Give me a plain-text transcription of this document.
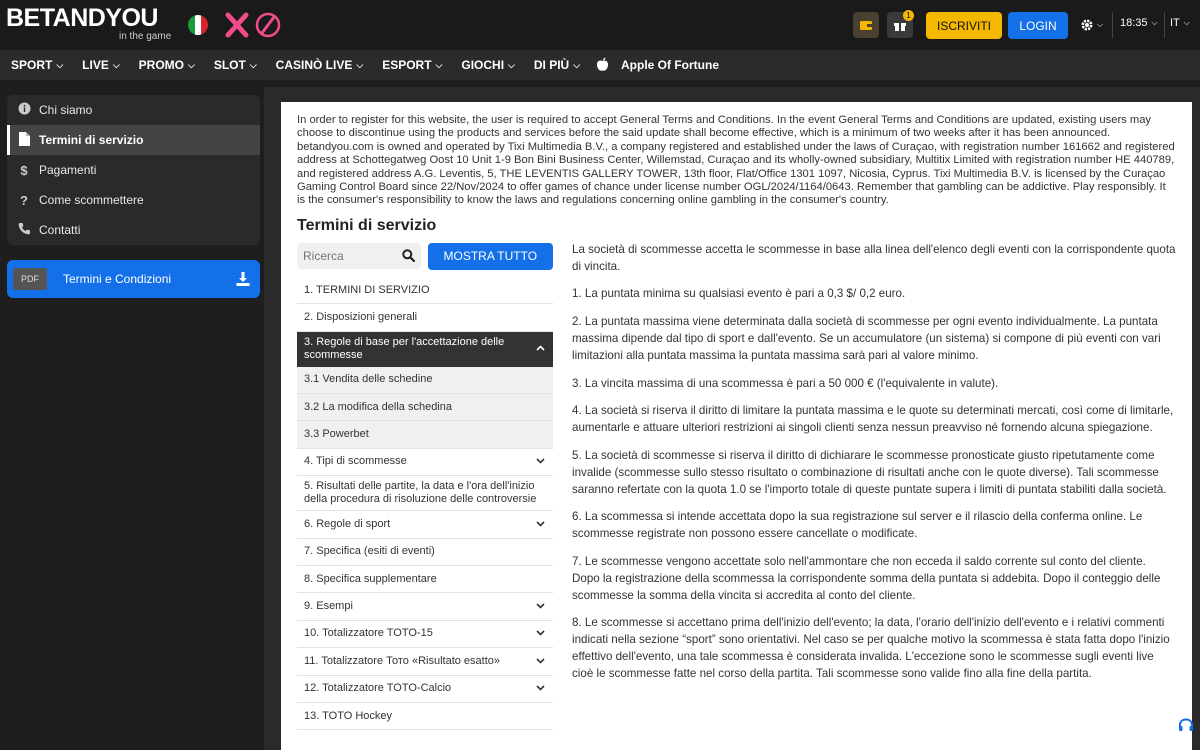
BETANDYOU
in the game
1
ISCRIVITI	LOGIN	⌵ 18:35 ⌵ IT ⌵
SPORT ⌵ LIVE ⌵ PROMO ⌵ SLOT ⌵ CASINÒ LIVE ⌵ ESPORT ⌵ GIOCHI ⌵ DI PIÙ ⌵	Apple Of Fortune
Chi siamo
Termini di servizio
$ Pagamenti
? Come scommettere
Contatti
PDF	Termini e Condizioni

In order to register for this website, the user is required to accept General Terms and Conditions. In the event General Terms and Conditions are updated, existing users may choose to discontinue using the products and services before the said update shall become effective, which is a minimum of two weeks after it has been announced. betandyou.com is owned and operated by Tixi Multimedia B.V., a company registered and established under the laws of Curaçao, with registration number 161662 and registered address at Schottegatweg Oost 10 Unit 1-9 Bon Bini Business Center, Willemstad, Curaçao and its wholly-owned subsidiary, Multitix Limited with registration number HE 440789, and registered address A.G. Leventis, 5, THE LEVENTIS GALLERY TOWER, 13th floor, Flat/Office 1301 1097, Nicosia, Cyprus. Tixi Multimedia B.V. is licensed by the Curaçao Gaming Control Board since 22/Nov/2024 to offer games of chance under license number OGL/2024/1164/0643. Remember that gambling can be addictive. Play responsibly. It is the consumer's responsibility to know the laws and regulations concerning online gambling in the consumer's country.

Termini di servizio
Ricerca
MOSTRA TUTTO
1. TERMINI DI SERVIZIO
2. Disposizioni generali
3. Regole di base per l'accettazione delle scommesse
3.1 Vendita delle schedine
3.2 La modifica della schedina
3.3 Powerbet
4. Tipi di scommesse
5. Risultati delle partite, la data e l'ora dell'inizio della procedura di risoluzione delle controversie
6. Regole di sport
7. Specifica (esiti di eventi)
8. Specifica supplementare
9. Esempi
10. Totalizzatore TOTO-15
11. Totalizzatore Тото «Risultato esatto»
12. Totalizzatore TOTO-Calcio
13. TOTO Hockey

La società di scommesse accetta le scommesse in base alla linea dell'elenco degli eventi con la corrispondente quota di vincita.

1. La puntata minima su qualsiasi evento è pari a 0,3 $/ 0,2 euro.

2. La puntata massima viene determinata dalla società di scommesse per ogni evento individualmente. La puntata massima dipende dal tipo di sport e dall'evento. Se un accumulatore (un sistema) si compone di più eventi con vari limitazioni alla puntata massima la puntata massima sarà pari al valore minimo.

3. La vincita massima di una scommessa è pari a 50 000 € (l'equivalente in valute).

4. La società si riserva il diritto di limitare la puntata massima e le quote su determinati mercati, così come di limitarle, aumentarle e attuare ulteriori restrizioni ai singoli clienti senza nessun preavviso né fornendo alcuna spiegazione.

5. La società di scommesse si riserva il diritto di dichiarare le scommesse pronosticate giusto ripetutamente come invalide (scommesse sullo stesso risultato o combinazione di risultati anche con le quote diverse). Tali scommesse saranno refertate con la quota 1.0 se l'importo totale di queste puntate supera i limiti di puntata stabiliti dalla società.

6. La scommessa si intende accettata dopo la sua registrazione sul server e il rilascio della conferma online. Le scommesse registrate non possono essere cancellate o modificate.

7. Le scommesse vengono accettate solo nell'ammontare che non ecceda il saldo corrente sul conto del cliente. Dopo la registrazione della scommessa la corrispondente somma della puntata si addebita. Dopo il conteggio delle scommesse la somma della vincita si accredita al conto del cliente.

8. Le scommesse si accettano prima dell'inizio dell'evento; la data, l'orario dell'inizio dell'evento e i relativi commenti indicati nella sezione “sport” sono orientativi. Nel caso se per qualche motivo la scommessa è stata fatta dopo l'inizio effettivo dell'evento, una tale scommessa è considerata invalida. L'eccezione sono le scommesse sugli eventi live cioè le scommesse fatte nel corso della partita. Tali scommesse sono valide fino alla fine della partita.
